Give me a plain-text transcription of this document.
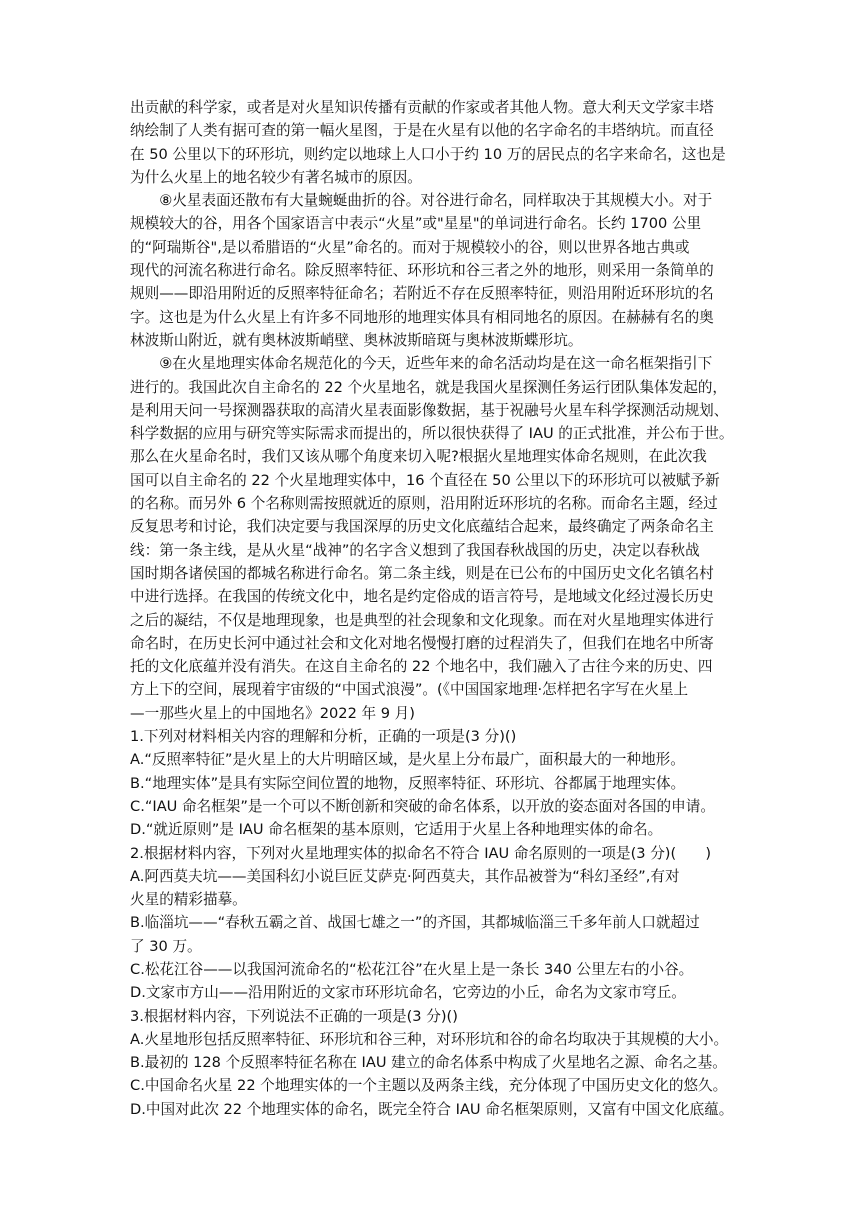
出贡献的科学家，或者是对火星知识传播有贡献的作家或者其他人物。意大利天文学家丰塔
纳绘制了人类有据可查的第一幅火星图，于是在火星有以他的名字命名的丰塔纳坑。而直径
在 50 公里以下的环形坑，则约定以地球上人口小于约 10 万的居民点的名字来命名，这也是
为什么火星上的地名较少有著名城市的原因。
　　⑧火星表面还散布有大量蜿蜒曲折的谷。对谷进行命名，同样取决于其规模大小。对于
规模较大的谷，用各个国家语言中表示“火星”或"星星"的单词进行命名。长约 1700 公里
的“阿瑞斯谷",是以希腊语的“火星”命名的。而对于规模较小的谷，则以世界各地古典或
现代的河流名称进行命名。除反照率特征、环形坑和谷三者之外的地形，则采用一条简单的
规则——即沿用附近的反照率特征命名；若附近不存在反照率特征，则沿用附近环形坑的名
字。这也是为什么火星上有许多不同地形的地理实体具有相同地名的原因。在赫赫有名的奥
林波斯山附近，就有奥林波斯峭壁、奥林波斯暗斑与奥林波斯蝶形坑。
　　⑨在火星地理实体命名规范化的今天，近些年来的命名活动均是在这一命名框架指引下
进行的。我国此次自主命名的 22 个火星地名，就是我国火星探测任务运行团队集体发起的，
是利用天问一号探测器获取的高清火星表面影像数据，基于祝融号火星车科学探测活动规划、
科学数据的应用与研究等实际需求而提出的，所以很快获得了 IAU 的正式批准，并公布于世。
那么在火星命名时，我们又该从哪个角度来切入呢?根据火星地理实体命名规则，在此次我
国可以自主命名的 22 个火星地理实体中，16 个直径在 50 公里以下的环形坑可以被赋予新
的名称。而另外 6 个名称则需按照就近的原则，沿用附近环形坑的名称。而命名主题，经过
反复思考和讨论，我们决定要与我国深厚的历史文化底蕴结合起来，最终确定了两条命名主
线：第一条主线，是从火星“战神”的名字含义想到了我国春秋战国的历史，决定以春秋战
国时期各诸侯国的都城名称进行命名。第二条主线，则是在已公布的中国历史文化名镇名村
中进行选择。在我国的传统文化中，地名是约定俗成的语言符号，是地域文化经过漫长历史
之后的凝结，不仅是地理现象，也是典型的社会现象和文化现象。而在对火星地理实体进行
命名时，在历史长河中通过社会和文化对地名慢慢打磨的过程消失了，但我们在地名中所寄
托的文化底蕴并没有消失。在这自主命名的 22 个地名中，我们融入了古往今来的历史、四
方上下的空间，展现着宇宙级的“中国式浪漫”。(《中国国家地理·怎样把名字写在火星上
—一那些火星上的中国地名》2022 年 9 月)
1.下列对材料相关内容的理解和分析，正确的一项是(3 分)()
A.“反照率特征”是火星上的大片明暗区域，是火星上分布最广，面积最大的一种地形。
B.“地理实体”是具有实际空间位置的地物，反照率特征、环形坑、谷都属于地理实体。
C.“IAU 命名框架”是一个可以不断创新和突破的命名体系，以开放的姿态面对各国的申请。
D.“就近原则”是 IAU 命名框架的基本原则，它适用于火星上各种地理实体的命名。
2.根据材料内容，下列对火星地理实体的拟命名不符合 IAU 命名原则的一项是(3 分)(　　)
A.阿西莫夫坑——美国科幻小说巨匠艾萨克·阿西莫夫，其作品被誉为“科幻圣经”,有对
火星的精彩描摹。
B.临淄坑——“春秋五霸之首、战国七雄之一”的齐国，其都城临淄三千多年前人口就超过
了 30 万。
C.松花江谷——以我国河流命名的“松花江谷”在火星上是一条长 340 公里左右的小谷。
D.文家市方山——沿用附近的文家市环形坑命名，它旁边的小丘，命名为文家市穹丘。
3.根据材料内容，下列说法不正确的一项是(3 分)()
A.火星地形包括反照率特征、环形坑和谷三种，对环形坑和谷的命名均取决于其规模的大小。
B.最初的 128 个反照率特征名称在 IAU 建立的命名体系中构成了火星地名之源、命名之基。
C.中国命名火星 22 个地理实体的一个主题以及两条主线，充分体现了中国历史文化的悠久。
D.中国对此次 22 个地理实体的命名，既完全符合 IAU 命名框架原则，又富有中国文化底蕴。
